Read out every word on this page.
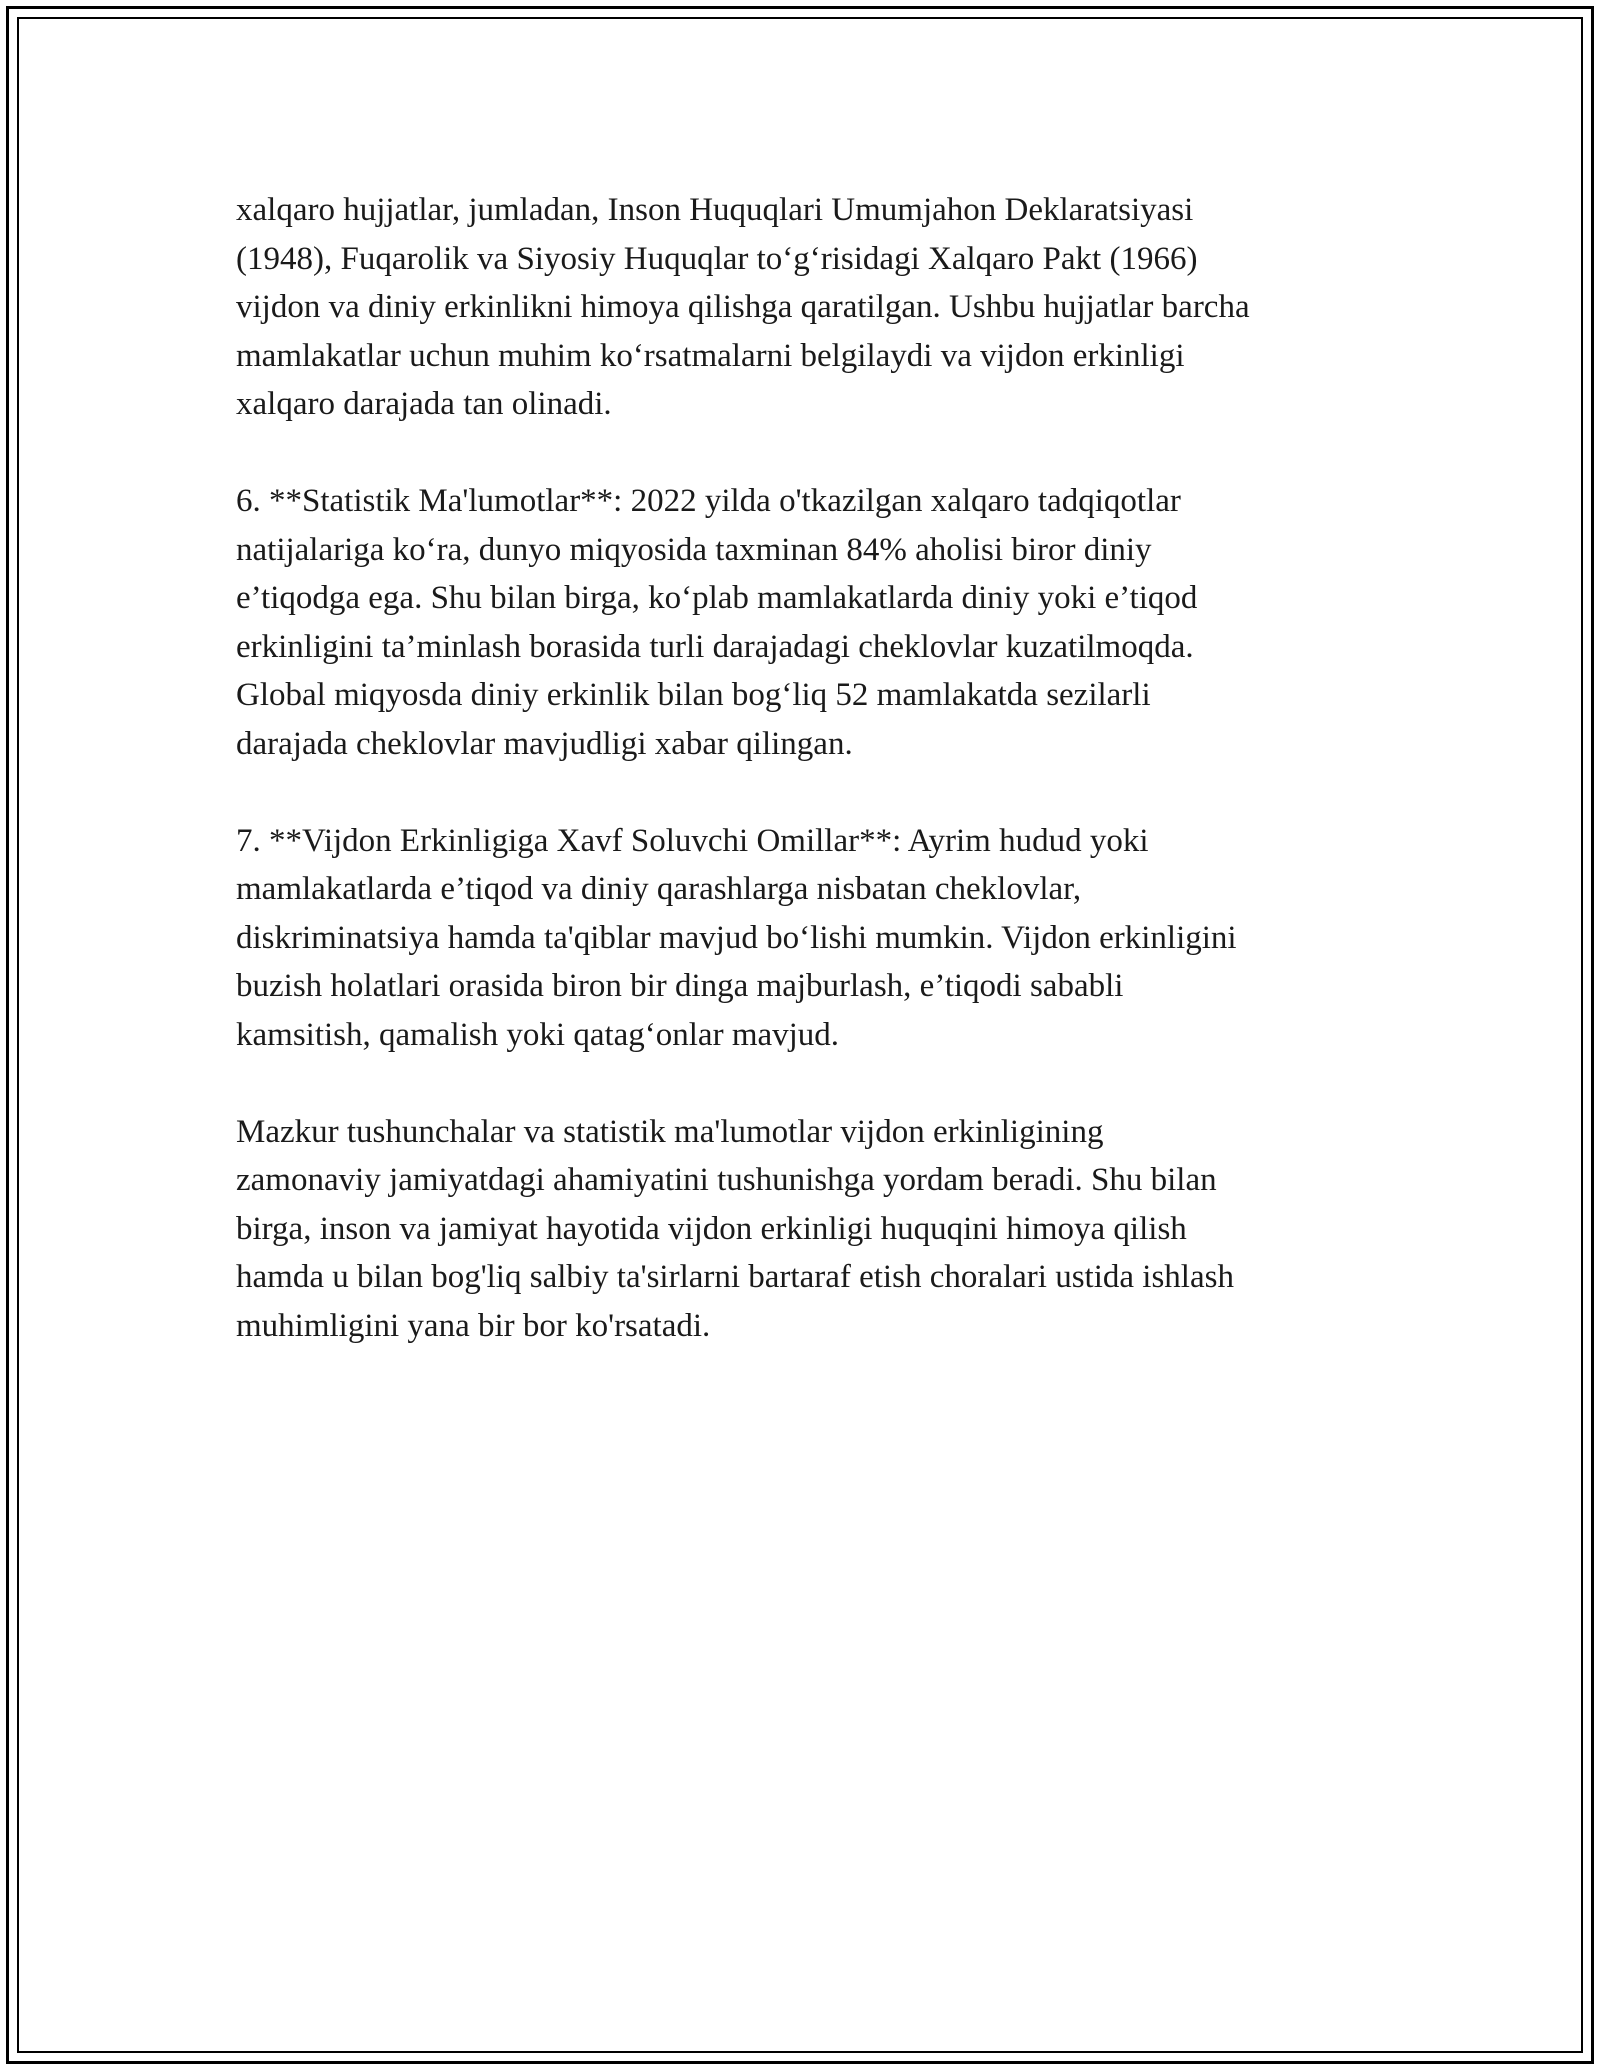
xalqaro hujjatlar, jumladan, Inson Huquqlari Umumjahon Deklaratsiyasi
(1948), Fuqarolik va Siyosiy Huquqlar to‘g‘risidagi Xalqaro Pakt (1966)
vijdon va diniy erkinlikni himoya qilishga qaratilgan. Ushbu hujjatlar barcha
mamlakatlar uchun muhim ko‘rsatmalarni belgilaydi va vijdon erkinligi
xalqaro darajada tan olinadi.

6. **Statistik Ma'lumotlar**: 2022 yilda o'tkazilgan xalqaro tadqiqotlar
natijalariga ko‘ra, dunyo miqyosida taxminan 84% aholisi biror diniy
e’tiqodga ega. Shu bilan birga, ko‘plab mamlakatlarda diniy yoki e’tiqod
erkinligini ta’minlash borasida turli darajadagi cheklovlar kuzatilmoqda.
Global miqyosda diniy erkinlik bilan bog‘liq 52 mamlakatda sezilarli
darajada cheklovlar mavjudligi xabar qilingan.

7. **Vijdon Erkinligiga Xavf Soluvchi Omillar**: Ayrim hudud yoki
mamlakatlarda e’tiqod va diniy qarashlarga nisbatan cheklovlar,
diskriminatsiya hamda ta'qiblar mavjud bo‘lishi mumkin. Vijdon erkinligini
buzish holatlari orasida biron bir dinga majburlash, e’tiqodi sababli
kamsitish, qamalish yoki qatag‘onlar mavjud.

Mazkur tushunchalar va statistik ma'lumotlar vijdon erkinligining
zamonaviy jamiyatdagi ahamiyatini tushunishga yordam beradi. Shu bilan
birga, inson va jamiyat hayotida vijdon erkinligi huquqini himoya qilish
hamda u bilan bog'liq salbiy ta'sirlarni bartaraf etish choralari ustida ishlash
muhimligini yana bir bor ko'rsatadi.
